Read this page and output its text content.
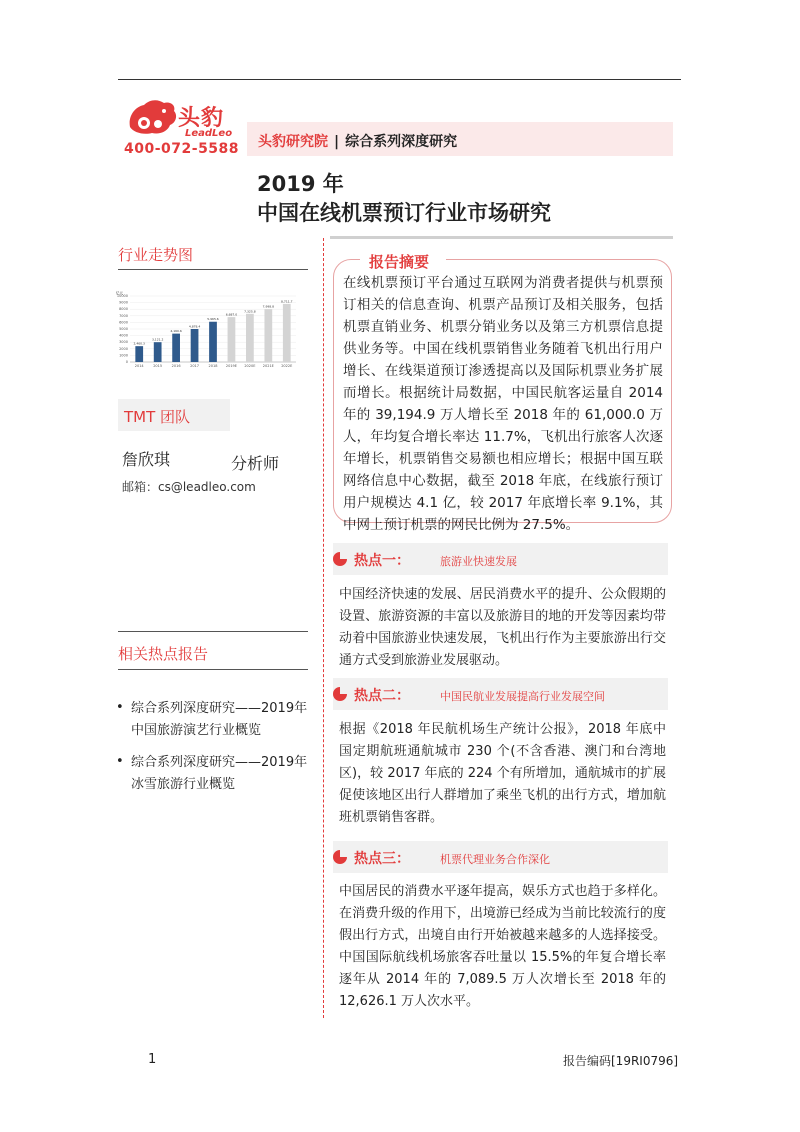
头豹
LeadLeo
400-072-5588 头豹研究院 | 综合系列深度研究
2019 年
中国在线机票预订行业市场研究
行业走势图
亿元
0
1000
2000
3000
4000
5000
6000
7000
8000
9000
10000
2,460.3
2014
3,121.2
2015
4,160.6
2016
4,878.4
2017
5,965.6
2018
6,687.0
2019E
7,325.8
2020E
7,998.8
2021E
8,711.7
2022E
TMT 团队
詹欣琪	分析师
邮箱：cs@leadleo.com
相关热点报告
• 综合系列深度研究——2019年中国旅游演艺行业概览
• 综合系列深度研究——2019年冰雪旅游行业概览
报告摘要
在线机票预订平台通过互联网为消费者提供与机票预订相关的信息查询、机票产品预订及相关服务，包括机票直销业务、机票分销业务以及第三方机票信息提供业务等。中国在线机票销售业务随着飞机出行用户增长、在线渠道预订渗透提高以及国际机票业务扩展而增长。根据统计局数据，中国民航客运量自 2014 年的 39,194.9 万人增长至 2018 年的 61,000.0 万人，年均复合增长率达 11.7%，飞机出行旅客人次逐年增长，机票销售交易额也相应增长；根据中国互联网络信息中心数据，截至 2018 年底，在线旅行预订用户规模达 4.1 亿，较 2017 年底增长率 9.1%，其中网上预订机票的网民比例为 27.5%。
热点一：	旅游业快速发展
中国经济快速的发展、居民消费水平的提升、公众假期的设置、旅游资源的丰富以及旅游目的地的开发等因素均带动着中国旅游业快速发展，飞机出行作为主要旅游出行交通方式受到旅游业发展驱动。
热点二：	中国民航业发展提高行业发展空间
根据《2018 年民航机场生产统计公报》，2018 年底中国定期航班通航城市 230 个(不含香港、澳门和台湾地区)，较 2017 年底的 224 个有所增加，通航城市的扩展促使该地区出行人群增加了乘坐飞机的出行方式，增加航班机票销售客群。
热点三：	机票代理业务合作深化
中国居民的消费水平逐年提高，娱乐方式也趋于多样化。在消费升级的作用下，出境游已经成为当前比较流行的度假出行方式，出境自由行开始被越来越多的人选择接受。中国国际航线机场旅客吞吐量以 15.5%的年复合增长率逐年从 2014 年的 7,089.5 万人次增长至 2018 年的 12,626.1 万人次水平。
1	报告编码[19RI0796]
